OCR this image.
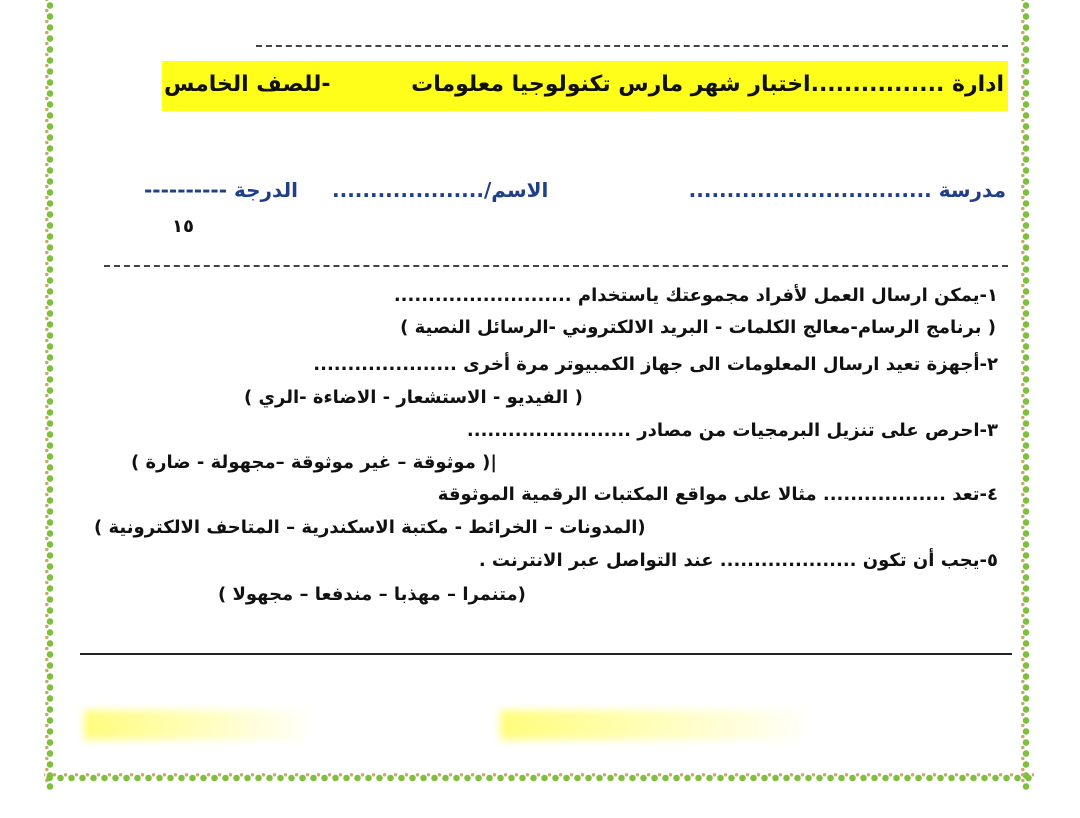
ادارة ................اختبار شهر مارس تكنولوجيا معلومات
-للصف الخامس
مدرسة ................................
الاسم/....................
الدرجة ----------
١٥
١-يمكن ارسال العمل لأفراد مجموعتك ياستخدام ..........................
( برنامج الرسام-معالج الكلمات - البريد الالكتروني -الرسائل النصية )
٢-أجهزة تعيد ارسال المعلومات الى جهاز الكمبيوتر مرة أخرى .....................
( الفيديو - الاستشعار - الاضاءة -الري )
٣-احرص على تنزيل البرمجيات من مصادر ........................
|( موثوقة – غير موثوقة –مجهولة - ضارة )
٤-تعد .................. مثالا على مواقع المكتبات الرقمية الموثوقة
(المدونات – الخرائط - مكتبة الاسكندرية – المتاحف الالكترونية )
٥-يجب أن تكون .................... عند التواصل عبر الانترنت .
(متنمرا – مهذبا – مندفعا – مجهولا )
